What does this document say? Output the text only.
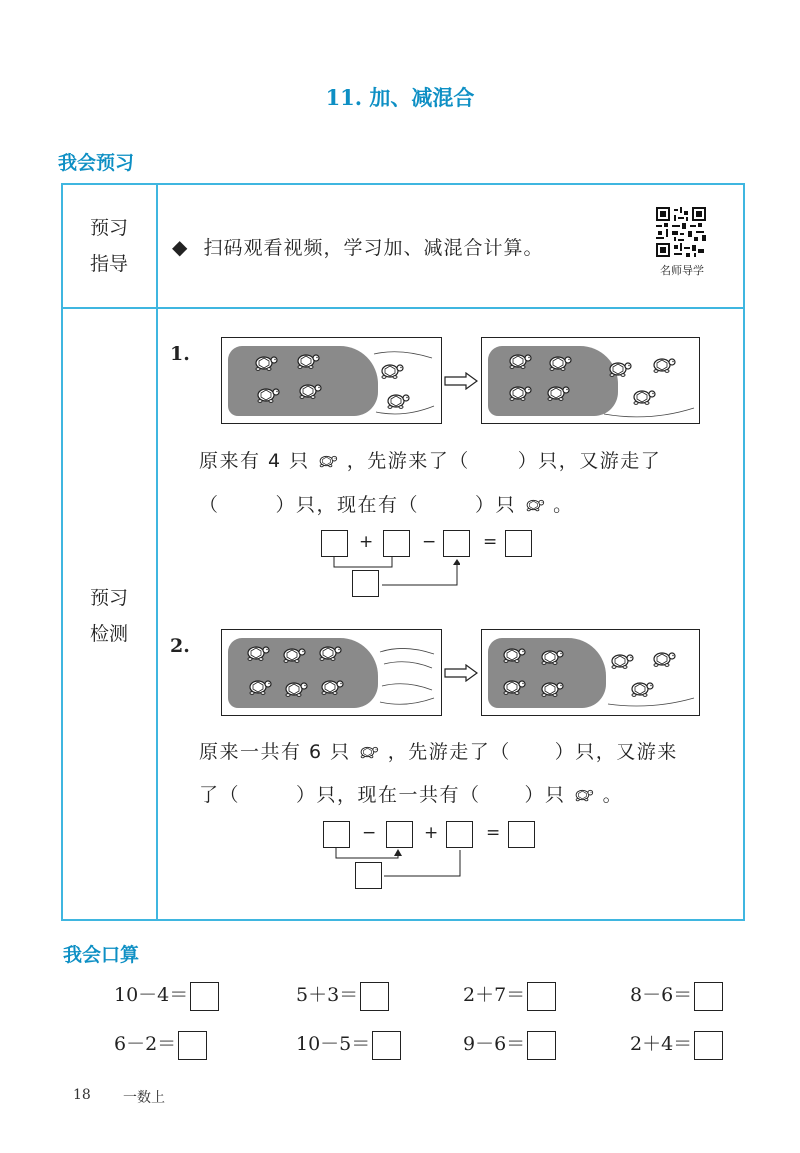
11. 加、减混合
我会预习
预习
指导
◆ 扫码观看视频，学习加、减混合计算。
名师导学
预习
检测
1.
原来有 4 只 ，先游来了（	）只，又游走了
（	）只，现在有（	）只 。
+	−	=
2.
原来一共有 6 只 ，先游走了（ ）只，又游来
了（	）只，现在一共有（ ）只 。
−	+	=
我会口算
10－4＝	5＋3＝	2＋7＝	8－6＝
6－2＝	10－5＝	9－6＝	2＋4＝
18 一数上
